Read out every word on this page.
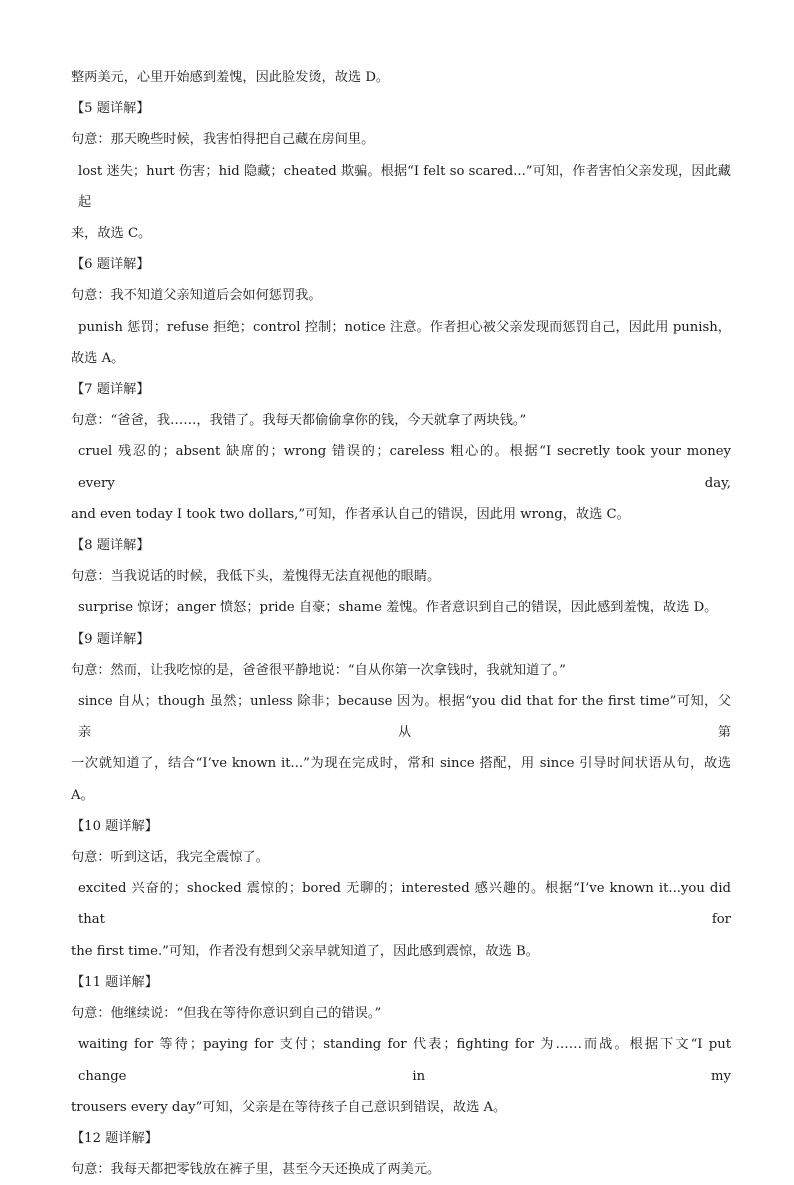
整两美元，心里开始感到羞愧，因此脸发烫，故选 D。
【5 题详解】
句意：那天晚些时候，我害怕得把自己藏在房间里。
lost 迷失；hurt 伤害；hid 隐藏；cheated 欺骗。根据“I felt so scared...”可知，作者害怕父亲发现，因此藏起
来，故选 C。
【6 题详解】
句意：我不知道父亲知道后会如何惩罚我。
punish 惩罚；refuse 拒绝；control 控制；notice 注意。作者担心被父亲发现而惩罚自己，因此用 punish，
故选 A。
【7 题详解】
句意：“爸爸，我……，我错了。我每天都偷偷拿你的钱，今天就拿了两块钱。”
cruel 残忍的；absent 缺席的；wrong 错误的；careless 粗心的。根据“I secretly took your money every day,
and even today I took two dollars,”可知，作者承认自己的错误，因此用 wrong，故选 C。
【8 题详解】
句意：当我说话的时候，我低下头，羞愧得无法直视他的眼睛。
surprise 惊讶；anger 愤怒；pride 自豪；shame 羞愧。作者意识到自己的错误，因此感到羞愧，故选 D。
【9 题详解】
句意：然而，让我吃惊的是，爸爸很平静地说：“自从你第一次拿钱时，我就知道了。”
since 自从；though 虽然；unless 除非；because 因为。根据“you did that for the first time”可知，父亲从第
一次就知道了，结合“I’ve known it...”为现在完成时，常和 since 搭配，用 since 引导时间状语从句，故选
A。
【10 题详解】
句意：听到这话，我完全震惊了。
excited 兴奋的；shocked 震惊的；bored 无聊的；interested 感兴趣的。根据“I’ve known it...you did that for
the first time.”可知，作者没有想到父亲早就知道了，因此感到震惊，故选 B。
【11 题详解】
句意：他继续说：“但我在等待你意识到自己的错误。”
waiting for 等待；paying for 支付；standing for 代表；fighting for 为……而战。根据下文“I put change in my
trousers every day”可知，父亲是在等待孩子自己意识到错误，故选 A。
【12 题详解】
句意：我每天都把零钱放在裤子里，甚至今天还换成了两美元。
